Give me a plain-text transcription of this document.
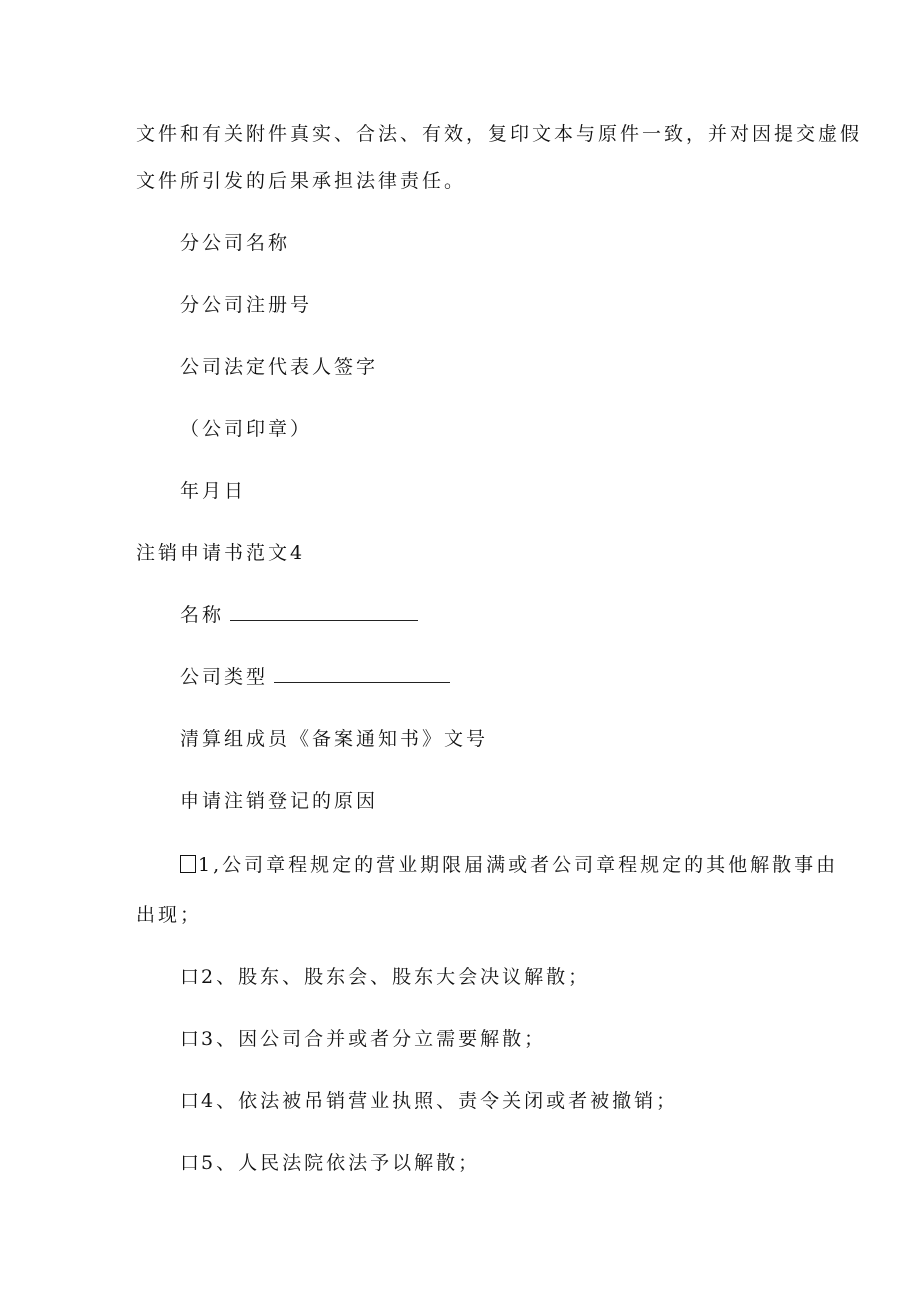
文件和有关附件真实、合法、有效，复印文本与原件一致，并对因提交虚假
文件所引发的后果承担法律责任。
分公司名称
分公司注册号
公司法定代表人签字
（公司印章）
年月日
注销申请书范文4
名称
公司类型
清算组成员《备案通知书》文号
申请注销登记的原因
1,公司章程规定的营业期限届满或者公司章程规定的其他解散事由
出现；
口 2、股东、股东会、股东大会决议解散；
口 3、因公司合并或者分立需要解散；
口 4、依法被吊销营业执照、责令关闭或者被撤销；
口 5、人民法院依法予以解散；
